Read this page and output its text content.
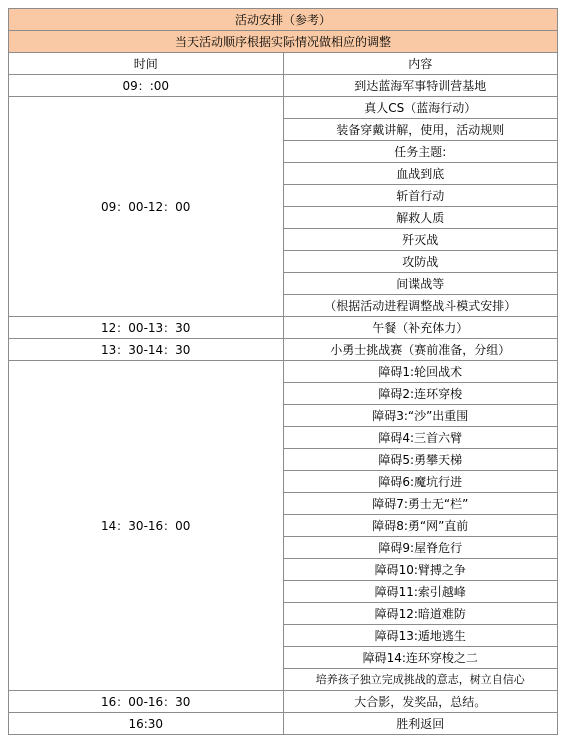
活动安排（参考）	
当天活动顺序根据实际情况做相应的调整	
时间	内容
09：:00	到达蓝海军事特训营基地
09：00-12：00	真人CS（蓝海行动）
	装备穿戴讲解，使用，活动规则
	任务主题:
	血战到底
	斩首行动
	解救人质
	歼灭战
	攻防战
	间谍战等
	（根据活动进程调整战斗模式安排）
12：00-13：30	午餐（补充体力）
13：30-14：30	小勇士挑战赛（赛前准备，分组）
14：30-16：00	障碍1:轮回战术
	障碍2:连环穿梭
	障碍3:“沙”出重围
	障碍4:三首六臂
	障碍5:勇攀天梯
	障碍6:魔坑行进
	障碍7:勇士无“栏”
	障碍8:勇“网”直前
	障碍9:屋脊危行
	障碍10:臂搏之争
	障碍11:索引越峰
	障碍12:暗道难防
	障碍13:遁地逃生
	障碍14:连环穿梭之二
	培养孩子独立完成挑战的意志，树立自信心
16：00-16：30	大合影，发奖品，总结。
16:30	胜利返回
